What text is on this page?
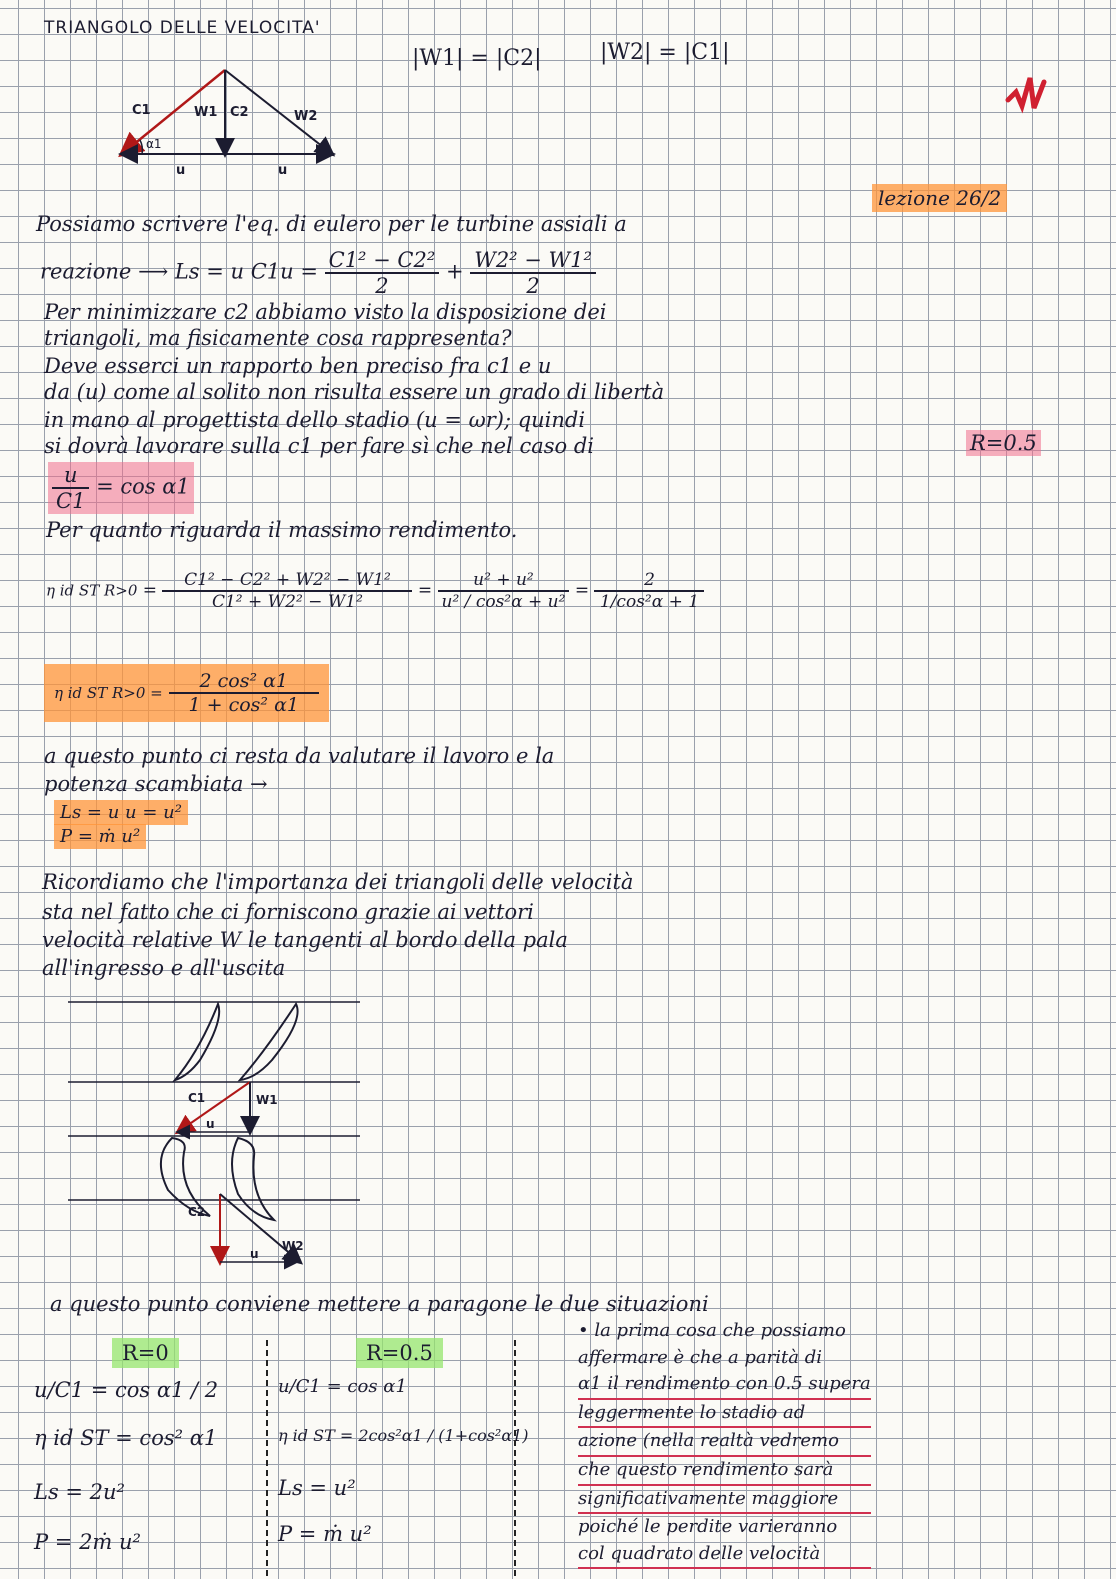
TRIANGOLO DELLE VELOCITA'
|W1| = |C2|	|W2| = |C1|
C1	W1 C2	W2
α1
u	u
lezione 26/2
Possiamo scrivere l'eq. di eulero per le turbine assiali a
reazione ⟶ Ls = u $C1u = \frac{\text{C1² − C2²}}{2} + \frac{\text{W2² − W1²}}{2}$
Per minimizzare c2 abbiamo visto la disposizione dei
triangoli, ma fisicamente cosa rappresenta?
Deve esserci un rapporto ben preciso fra c1 e u
da (u) come al solito non risulta essere un grado di libertà
in mano al progettista dello stadio (u = ωr); quindi
si dovrà lavorare sulla c1 per fare sì che nel caso di	R=0.5
$\frac{u}{C1} = \cos \alpha 1$
Per quanto riguarda il massimo rendimento.
η id ST $R>0 = \frac{\text{C1² − C2² + W2² − W1²}}{\text{C1² + W2² − W1²}} = \frac{\text{u² + u²}}{\text{u² / cos²α + u²}} = \frac{2}{\text{1/cos²α + 1}}$
η id ST $R>0 = \frac{\text{2 cos² α1}}{\text{1 + cos² α1}}$
a questo punto ci resta da valutare il lavoro e la
potenza scambiata →
Ls = u u = u²
P = ṁ u²
Ricordiamo che l'importanza dei triangoli delle velocità
sta nel fatto che ci forniscono grazie ai vettori
velocità relative W le tangenti al bordo della pala
all'ingresso e all'uscita
C1	W1
u
C2
W2
u
a questo punto conviene mettere a paragone le due situazioni
R=0
u/C1 = cos α1 / 2
η id ST = cos² α1
Ls = 2u²
P = 2ṁ u²
R=0.5
u/C1 = cos α1
η id ST = 2cos²α1 / (1+cos²α1)
Ls = u²
P = ṁ u²
• la prima cosa che possiamo
affermare è che a parità di
α1 il rendimento con 0.5 supera
leggermente lo stadio ad
azione (nella realtà vedremo
che questo rendimento sarà
significativamente maggiore
poiché le perdite varieranno
col quadrato delle velocità
